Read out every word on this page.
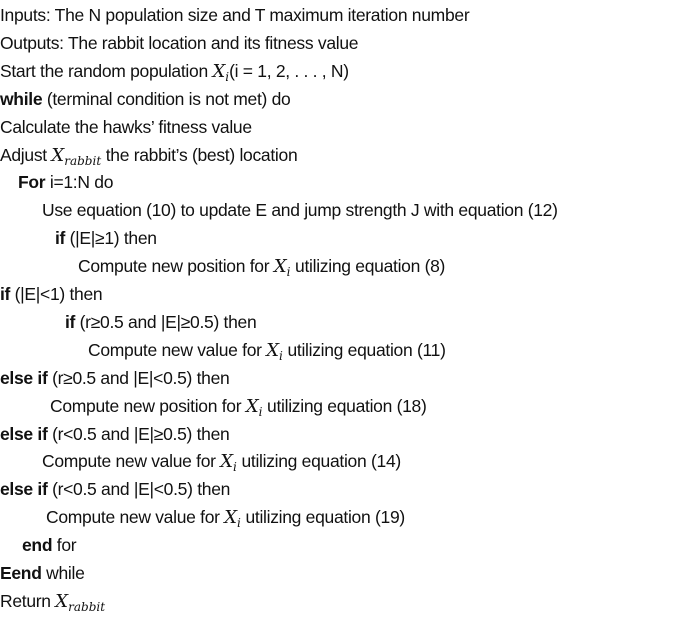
Inputs: The N population size and T maximum iteration number
Outputs: The rabbit location and its fitness value
Start the random population $X_i(i = 1$, 2, . . . , N)
while (terminal condition is not met) do
Calculate the hawks’ fitness value
Adjust $X_{rabbit}$ the rabbit’s (best) location
For i=1:N do
Use equation (10) to update E and jump strength J with equation (12)
if (|E|≥1) then
Compute new position for $X_i$ utilizing equation (8)
if (|E|<1) then
if (r≥0.5 and |E|≥0.5) then
Compute new value for $X_i$ utilizing equation (11)
else if (r≥0.5 and |E|<0.5) then
Compute new position for $X_i$ utilizing equation (18)
else if (r<0.5 and |E|≥0.5) then
Compute new value for $X_i$ utilizing equation (14)
else if (r<0.5 and |E|<0.5) then
Compute new value for $X_i$ utilizing equation (19)
end for
Eend while
Return $X_{rabbit}$
